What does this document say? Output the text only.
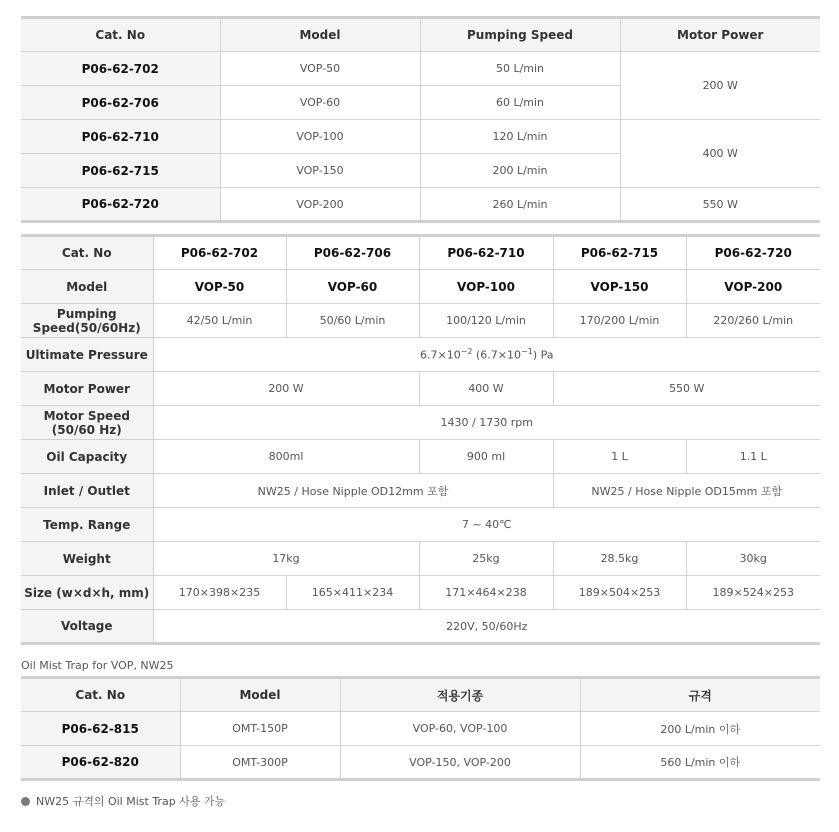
Cat. No	Model	Pumping Speed	Motor Power
P06-62-702	VOP-50	50 L/min	200 W
P06-62-706	VOP-60	60 L/min	
P06-62-710	VOP-100	120 L/min	400 W
P06-62-715	VOP-150	200 L/min	
P06-62-720	VOP-200	260 L/min	550 W
Cat. No	P06-62-702	P06-62-706	P06-62-710	P06-62-715	P06-62-720
Model	VOP-50	VOP-60	VOP-100	VOP-150	VOP-200

Pumping
Speed(50/60Hz)	42/50 L/min	50/60 L/min	100/120 L/min	170/200 L/min	220/260 L/min
Ultimate Pressure	$6.7\times 10^{-2}$ $(6.7\times 10^{-1})$ Pa				
Motor Power	200 W		400 W	550 W	

Motor Speed
(50/60 Hz)	1430 / 1730 rpm				
Oil Capacity	800ml		900 ml	1 L	1.1 L
Inlet / Outlet	NW25 / Hose Nipple OD12mm 포함			NW25 / Hose Nipple OD15mm 포함	
Temp. Range	7 ~ 40℃				
Weight	17kg		25kg	28.5kg	30kg
Size (w×d×h, mm)	170×398×235	165×411×234	171×464×238	189×504×253	189×524×253
Voltage	220V, 50/60Hz				
Oil Mist Trap for VOP, NW25
Cat. No	Model	적용기종	규격
P06-62-815	OMT-150P	VOP-60, VOP-100	200 L/min 이하
P06-62-820	OMT-300P	VOP-150, VOP-200	560 L/min 이하
NW25 규격의 Oil Mist Trap 사용 가능
